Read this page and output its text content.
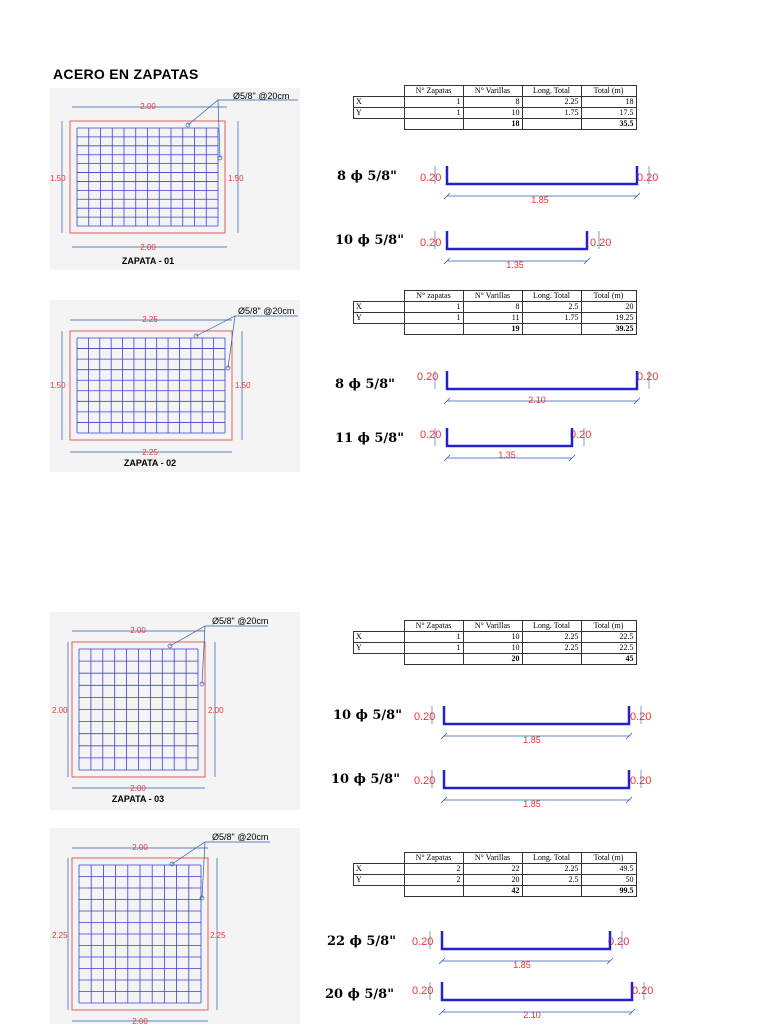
ACERO EN ZAPATAS
2.00
2.00
1.50	1.50
Ø5/8" @20cm
ZAPATA - 01
	N° Zapatas	N° Varillas	Long. Total	Total (m)
X	1	8	2.25	18
Y	1	10	1.75	17.5
		18		35.5
8 ϕ 5/8" 0.20	0.20
1.85
10 ϕ 5/8" 0.20	0.20
1.35
2.25
2.25
1.50	1.50
Ø5/8" @20cm
ZAPATA - 02
	N° zapatas	N° Varillas	Long. Total	Total (m)
X	1	8	2.5	20
Y	1	11	1.75	19.25
		19		39.25
8 ϕ 5/8" 0.20	0.20
2.10
11 ϕ 5/8" 0.20	0.20
1.35
2.00
2.00
2.00	2.00
Ø5/8" @20cm
ZAPATA - 03
	N° Zapatas	N° Varillas	Long. Total	Total (m)
X	1	10	2.25	22.5
Y	1	10	2.25	22.5
		20		45
10 ϕ 5/8" 0.20	0.20
1.85
10 ϕ 5/8" 0.20	0.20
1.85
2.00
2.00
2.25	2.25
Ø5/8" @20cm
	N° Zapatas	N° Varillas	Long. Total	Total (m)
X	2	22	2.25	49.5
Y	2	20	2.5	50
		42		99.5
22 ϕ 5/8" 0.20	0.20
1.85
20 ϕ 5/8" 0.20	0.20
2.10
